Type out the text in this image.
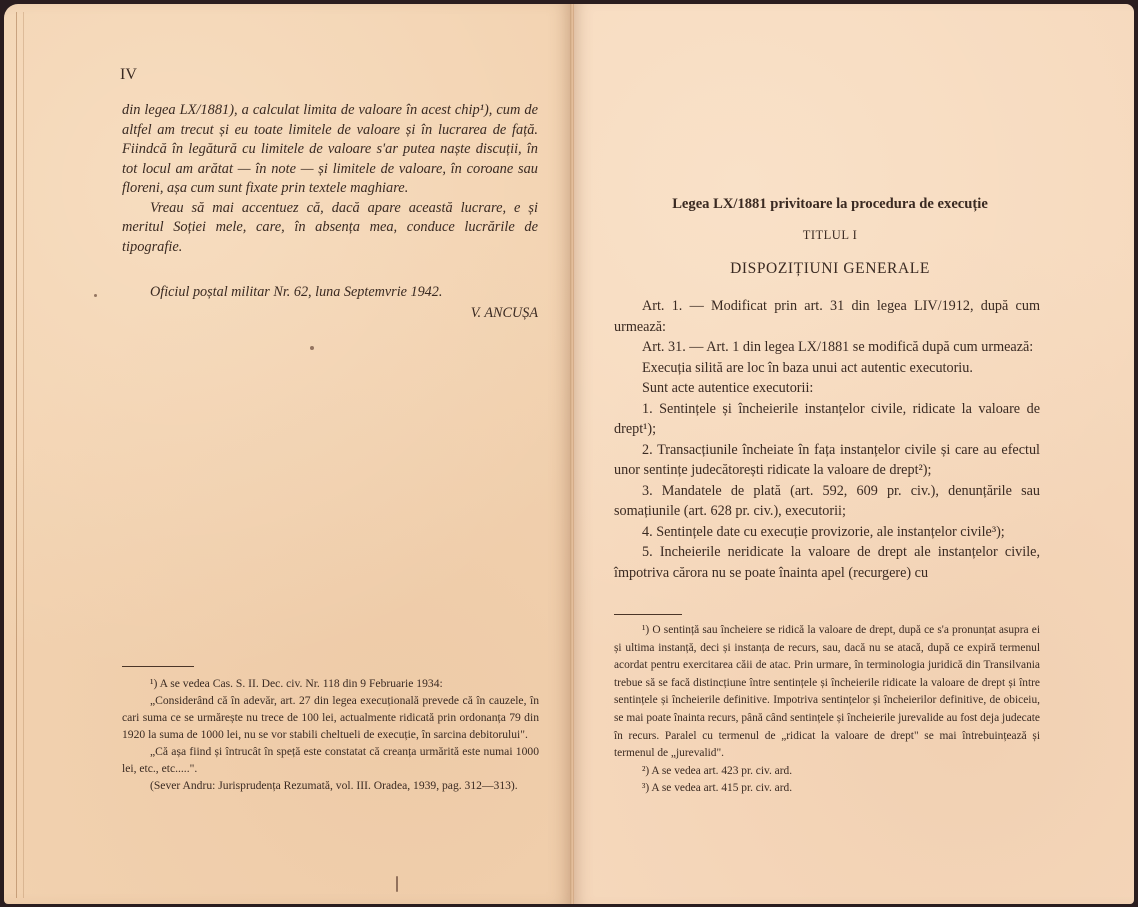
IV

din legea LX/1881), a calculat limita de valoare în acest chip¹), cum de altfel am trecut și eu toate limitele de valoare și în lucrarea de față. Fiindcă în legătură cu limitele de valoare s'ar putea naște discuții, în tot locul am arătat — în note — și limitele de valoare, în coroane sau floreni, așa cum sunt fixate prin textele maghiare.

Vreau să mai accentuez că, dacă apare această lucrare, e și meritul Soției mele, care, în absența mea, conduce lucrările de tipografie.

Oficiul poștal militar Nr. 62, luna Septemvrie 1942.
V. ANCUȘA

¹) A se vedea Cas. S. II. Dec. civ. Nr. 118 din 9 Februarie 1934:

„Considerând că în adevăr, art. 27 din legea execuțională prevede că în cauzele, în cari suma ce se urmărește nu trece de 100 lei, actualmente ridicată prin ordonanța 79 din 1920 la suma de 1000 lei, nu se vor stabili cheltueli de execuție, în sarcina debitorului".

„Că așa fiind și întrucât în speță este constatat că creanța urmărită este numai 1000 lei, etc., etc.....".

(Sever Andru: Jurisprudența Rezumată, vol. III. Oradea, 1939, pag. 312—313).

Legea LX/1881 privitoare la procedura de execuție
TITLUL I
DISPOZIȚIUNI GENERALE

Art. 1. — Modificat prin art. 31 din legea LIV/1912, după cum urmează:

Art. 31. — Art. 1 din legea LX/1881 se modifică după cum urmează:

Execuția silită are loc în baza unui act autentic executoriu.

Sunt acte autentice executorii:

1. Sentințele și încheierile instanțelor civile, ridicate la valoare de drept¹);

2. Transacțiunile încheiate în fața instanțelor civile și care au efectul unor sentințe judecătorești ridicate la valoare de drept²);

3. Mandatele de plată (art. 592, 609 pr. civ.), denunțările sau somațiunile (art. 628 pr. civ.), executorii;

4. Sentințele date cu execuție provizorie, ale instanțelor civile³);

5. Incheierile neridicate la valoare de drept ale instanțelor civile, împotriva cărora nu se poate înainta apel (recurgere) cu

¹) O sentință sau încheiere se ridică la valoare de drept, după ce s'a pronunțat asupra ei și ultima instanță, deci și instanța de recurs, sau, dacă nu se atacă, după ce expiră termenul acordat pentru exercitarea căii de atac. Prin urmare, în terminologia juridică din Transilvania trebue să se facă distincțiune între sentințele și încheierile ridicate la valoare de drept și între sentințele și încheierile definitive. Impotriva sentințelor și încheierilor definitive, de obiceiu, se mai poate înainta recurs, până când sentințele și încheierile jurevalide au fost deja judecate în recurs. Paralel cu termenul de „ridicat la valoare de drept" se mai întrebuințează și termenul de „jurevalid".

²) A se vedea art. 423 pr. civ. ard.

³) A se vedea art. 415 pr. civ. ard.
